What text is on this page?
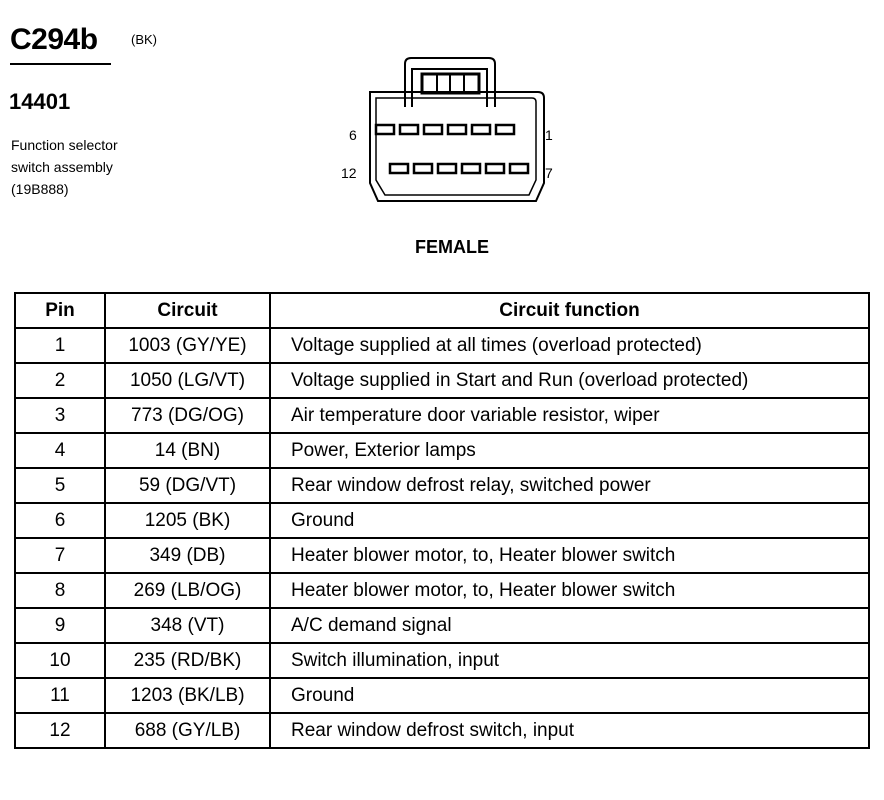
C294b	(BK)
14401
Function selector
switch assembly
(19B888)
6	1
12	7
FEMALE
Pin	Circuit	Circuit function
1	1003 (GY/YE)	Voltage supplied at all times (overload protected)
2	1050 (LG/VT)	Voltage supplied in Start and Run (overload protected)
3	773 (DG/OG)	Air temperature door variable resistor, wiper
4	14 (BN)	Power, Exterior lamps
5	59 (DG/VT)	Rear window defrost relay, switched power
6	1205 (BK)	Ground
7	349 (DB)	Heater blower motor, to, Heater blower switch
8	269 (LB/OG)	Heater blower motor, to, Heater blower switch
9	348 (VT)	A/C demand signal
10	235 (RD/BK)	Switch illumination, input
11	1203 (BK/LB)	Ground
12	688 (GY/LB)	Rear window defrost switch, input
